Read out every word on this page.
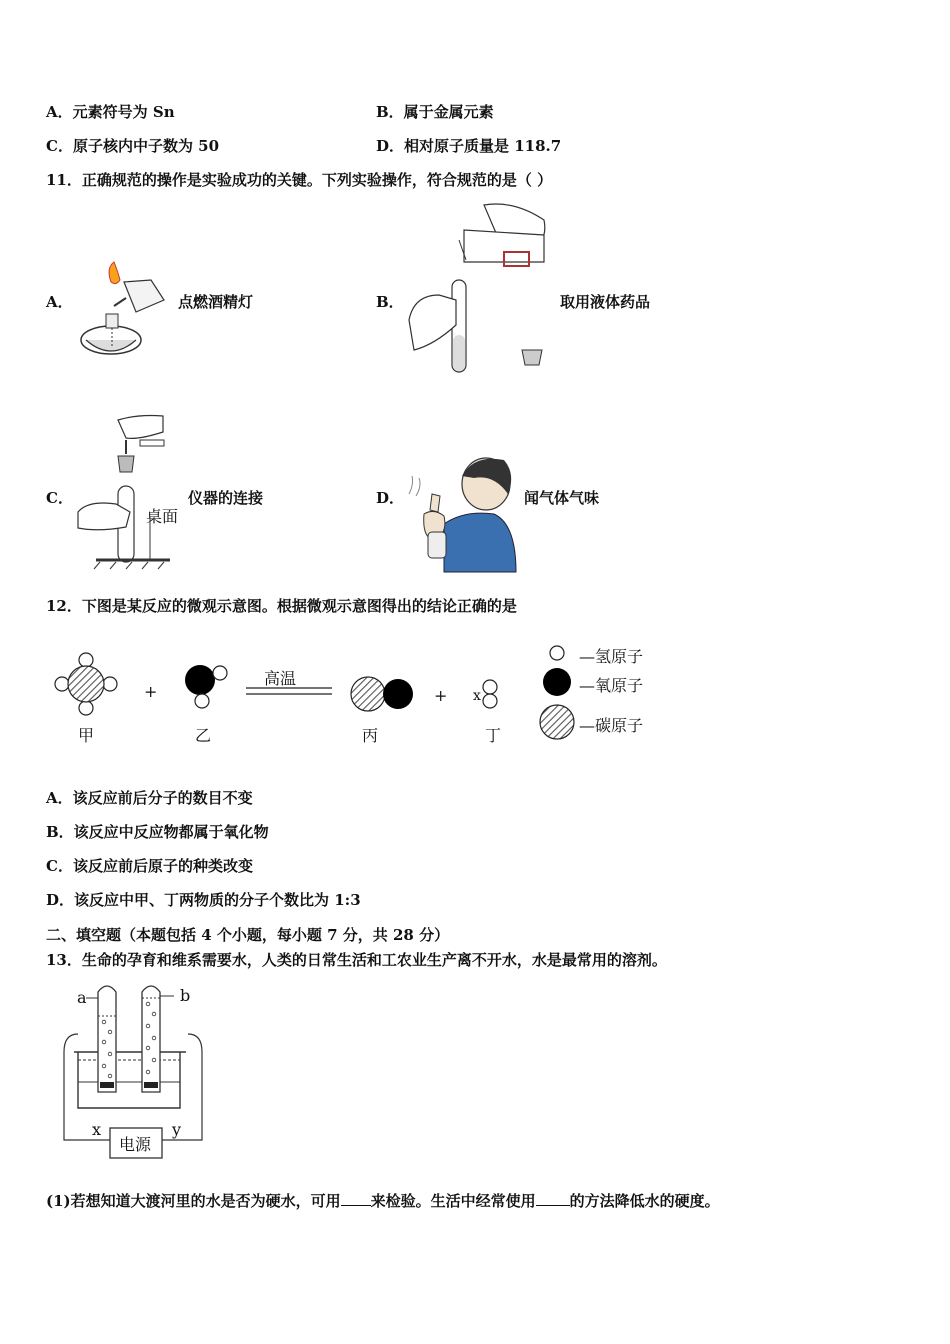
A．元素符号为 Sn	B．属于金属元素
C．原子核内中子数为 50	D．相对原子质量是 118.7
11．正确规范的操作是实验成功的关键。下列实验操作，符合规范的是（ ）
A．	点燃酒精灯	B．	取用液体药品
C．
桌面
仪器的连接	D．	闻气体气味
12．下图是某反应的微观示意图。根据微观示意图得出的结论正确的是
+
高温
+ x
甲	乙	丙	丁
—氢原子
—氧原子
—碳原子
A．该反应前后分子的数目不变
B．该反应中反应物都属于氧化物
C．该反应前后原子的种类改变
D．该反应中甲、丁两物质的分子个数比为 1:3
二、填空题（本题包括 4 个小题，每小题 7 分，共 28 分）
13．生命的孕育和维系需要水，人类的日常生活和工农业生产离不开水，水是最常用的溶剂。
a	b
x	y
电源
(1)若想知道大渡河里的水是否为硬水，可用 来检验。生活中经常使用 的方法降低水的硬度。
